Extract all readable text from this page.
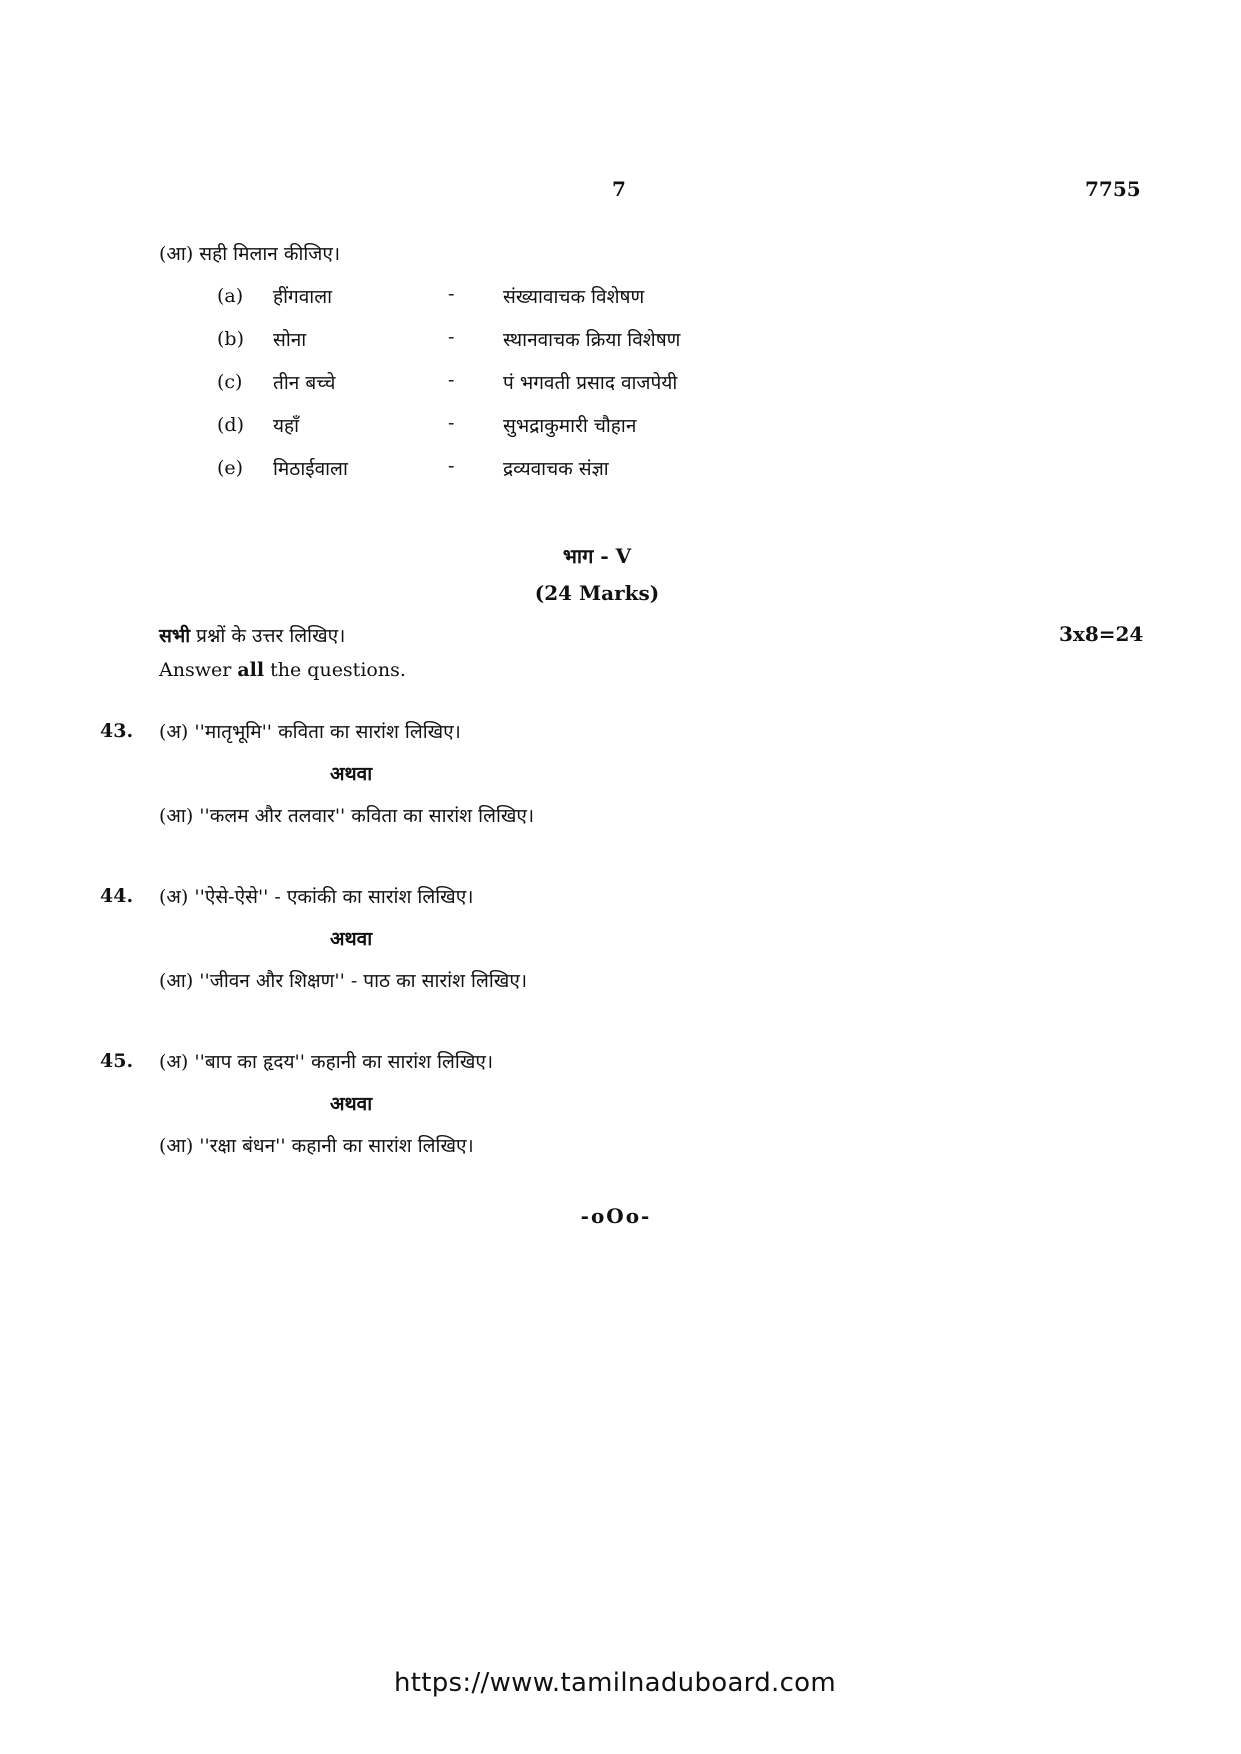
7	7755
(आ) सही मिलान कीजिए।
(a) हींगवाला	-	संख्यावाचक विशेषण
(b) सोना	-	स्थानवाचक क्रिया विशेषण
(c) तीन बच्चे	-	पं भगवती प्रसाद वाजपेयी
(d) यहाँ	-	सुभद्राकुमारी चौहान
(e) मिठाईवाला	-	द्रव्यवाचक संज्ञा
भाग - V
(24 Marks)
सभी प्रश्नों के उत्तर लिखिए।	3x8=24
Answer all the questions.
43. (अ) ''मातृभूमि'' कविता का सारांश लिखिए।
अथवा
(आ) ''कलम और तलवार'' कविता का सारांश लिखिए।
44. (अ) ''ऐसे-ऐसे'' - एकांकी का सारांश लिखिए।
अथवा
(आ) ''जीवन और शिक्षण'' - पाठ का सारांश लिखिए।
45. (अ) ''बाप का हृदय'' कहानी का सारांश लिखिए।
अथवा
(आ) ''रक्षा बंधन'' कहानी का सारांश लिखिए।
-oOo-
https://www.tamilnaduboard.com
